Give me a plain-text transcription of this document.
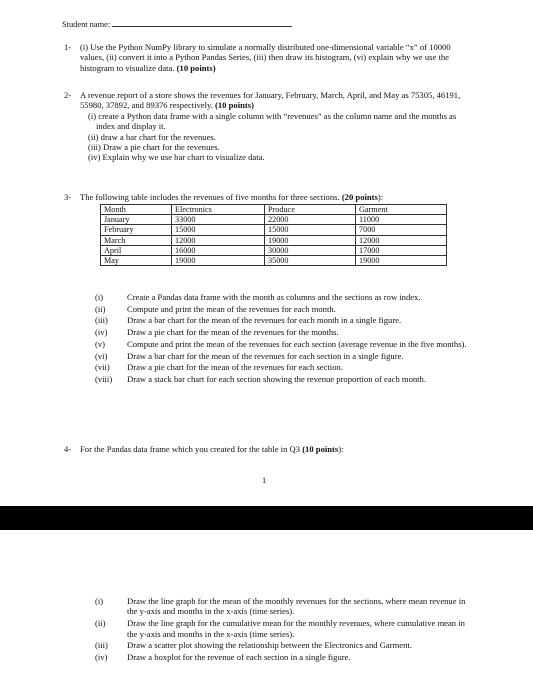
Student name:
1- (i) Use the Python NumPy library to simulate a normally distributed one-dimensional variable “x” of 10000 values, (ii) convert it into a Python Pandas Series, (iii) then draw its histogram, (vi) explain why we use the histogram to visualize data. (10 points)
2- A revenue report of a store shows the revenues for January, February, March, April, and May as 75305, 46191, 55980, 37892, and 89376 respectively. (10 points)
(i) create a Python data frame with a single column with “revenues” as the column name and the months as index and display it.
(ii) draw a bar chart for the revenues.
(iii) Draw a pie chart for the revenues.
(iv) Explain why we use bar chart to visualize data.
3- The following table includes the revenues of five months for three sections. (20 points):
Month	Electronics	Produce	Garment
January	33000	22000	11000
February	15000	15000	7000
March	12000	19000	12000
April	16000	30000	17000
May	19000	35000	19000
(i)	Create a Pandas data frame with the month as columns and the sections as row index.
(ii)	Compute and print the mean of the revenues for each month.
(iii) Draw a bar chart for the mean of the revenues for each month in a single figure.
(iv) Draw a pie chart for the mean of the revenues for the months.
(v)	Compute and print the mean of the revenues for each section (average revenue in the five months).
(vi) Draw a bar chart for the mean of the revenues for each section in a single figure.
(vii) Draw a pie chart for the mean of the revenues for each section.
(viii) Draw a stack bar chart for each section showing the revenue proportion of each month.
4- For the Pandas data frame which you created for the table in Q3 (10 points):
1
(i)	Draw the line graph for the mean of the monthly revenues for the sections, where mean revenue in the y-axis and months in the x-axis (time series).
(ii)	Draw the line graph for the cumulative mean for the monthly revenues, where cumulative mean in the y-axis and months in the x-axis (time series).
(iii) Draw a scatter plot showing the relationship between the Electronics and Garment.
(iv) Draw a boxplot for the revenue of each section in a single figure.
